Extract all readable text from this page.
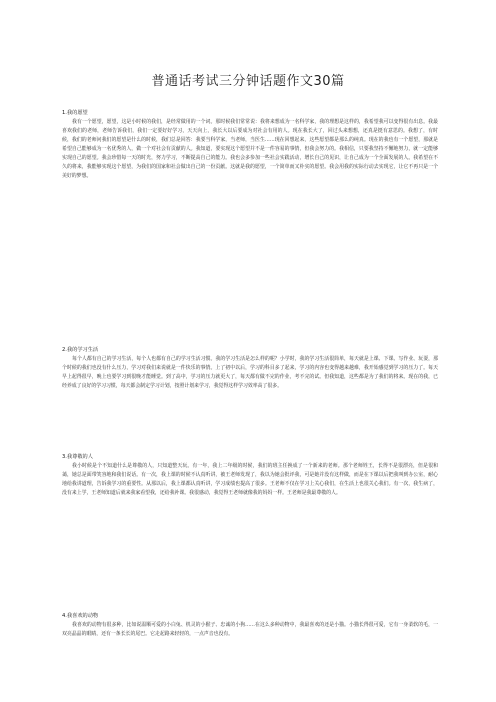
普通话考试三分钟话题作文30篇

1.我的愿望

我有一个愿望，愿望，这是小时候的我们，是经常做用的一个词。那时候我们常常说：我将来想成为一名科学家，我的理想是这样的，我希望我可以变得很有出息。我最喜欢我们的老师，老师告诉我们，我们一定要好好学习，天天向上，我长大以后要成为对社会有用的人。现在我长大了，回过头来想想，还真是挺有意思的。我想了，有时候，我们的老师问我们的愿望是什么的时候，我们总是回答：我要当科学家，当老师，当医生……现在回想起来，这些愿望都是那么的纯真。现在的我也有一个愿望，那就是希望自己能够成为一名优秀的人，做一个对社会有贡献的人。我知道，要实现这个愿望并不是一件容易的事情，但我会努力的。我相信，只要我坚持不懈地努力，就一定能够实现自己的愿望。我会珍惜每一天的时光，努力学习，不断提高自己的能力。我也会多参加一些社会实践活动，增长自己的见识，让自己成为一个全面发展的人。我希望在不久的将来，我能够实现这个愿望，为我们的国家和社会做出自己的一份贡献。这就是我的愿望，一个简单而又朴实的愿望。我会用我的实际行动去实现它，让它不再只是一个美好的梦想。

2.我的学习生活

每个人都有自己的学习生活，每个人也都有自己的学习生活习惯。我的学习生活是怎么样的呢？小学时，我的学习生活很简单，每天就是上课、下课、写作业、玩耍，那个时候的我们也没有什么压力，学习对我们来说就是一件快乐的事情。上了初中以后，学习的科目多了起来，学习的内容也变得越来越难，我开始感觉到学习的压力了。每天早上起得很早，晚上也要学习到很晚才能睡觉。到了高中，学习的压力就更大了，每天都有做不完的作业，考不完的试。但我知道，这些都是为了我们的将来。现在的我，已经养成了良好的学习习惯，每天都会制定学习计划，按照计划来学习，我觉得这样学习效率高了很多。

3.我尊敬的人

我小时候是个不知道什么是尊敬的人，只知道整天玩。有一年，我上二年级的时候，我们的班主任换成了一个新来的老师。那个老师姓王，长得不是很漂亮，但是很和蔼，她总是面带笑容地和我们说话。有一次，我上课的时候不认真听讲，被王老师发现了，我以为她会批评我，可是她并没有这样做，而是在下课以后把我叫到办公室，耐心地给我讲道理，告诉我学习的重要性。从那以后，我上课都认真听讲，学习成绩也提高了很多。王老师不仅在学习上关心我们，在生活上也很关心我们。有一次，我生病了，没有来上学，王老师知道后就来我家看望我，还给我补课。我很感动，我觉得王老师就像我的妈妈一样。王老师是我最尊敬的人。

4.我喜欢的动物

我喜欢的动物有很多种，比如说温顺可爱的小白兔、机灵的小猴子、忠诚的小狗……在这么多种动物中，我最喜欢的还是小猫。小猫长得很可爱，它有一身柔软的毛，一双亮晶晶的眼睛，还有一条长长的尾巴。它走起路来轻轻的，一点声音也没有。
